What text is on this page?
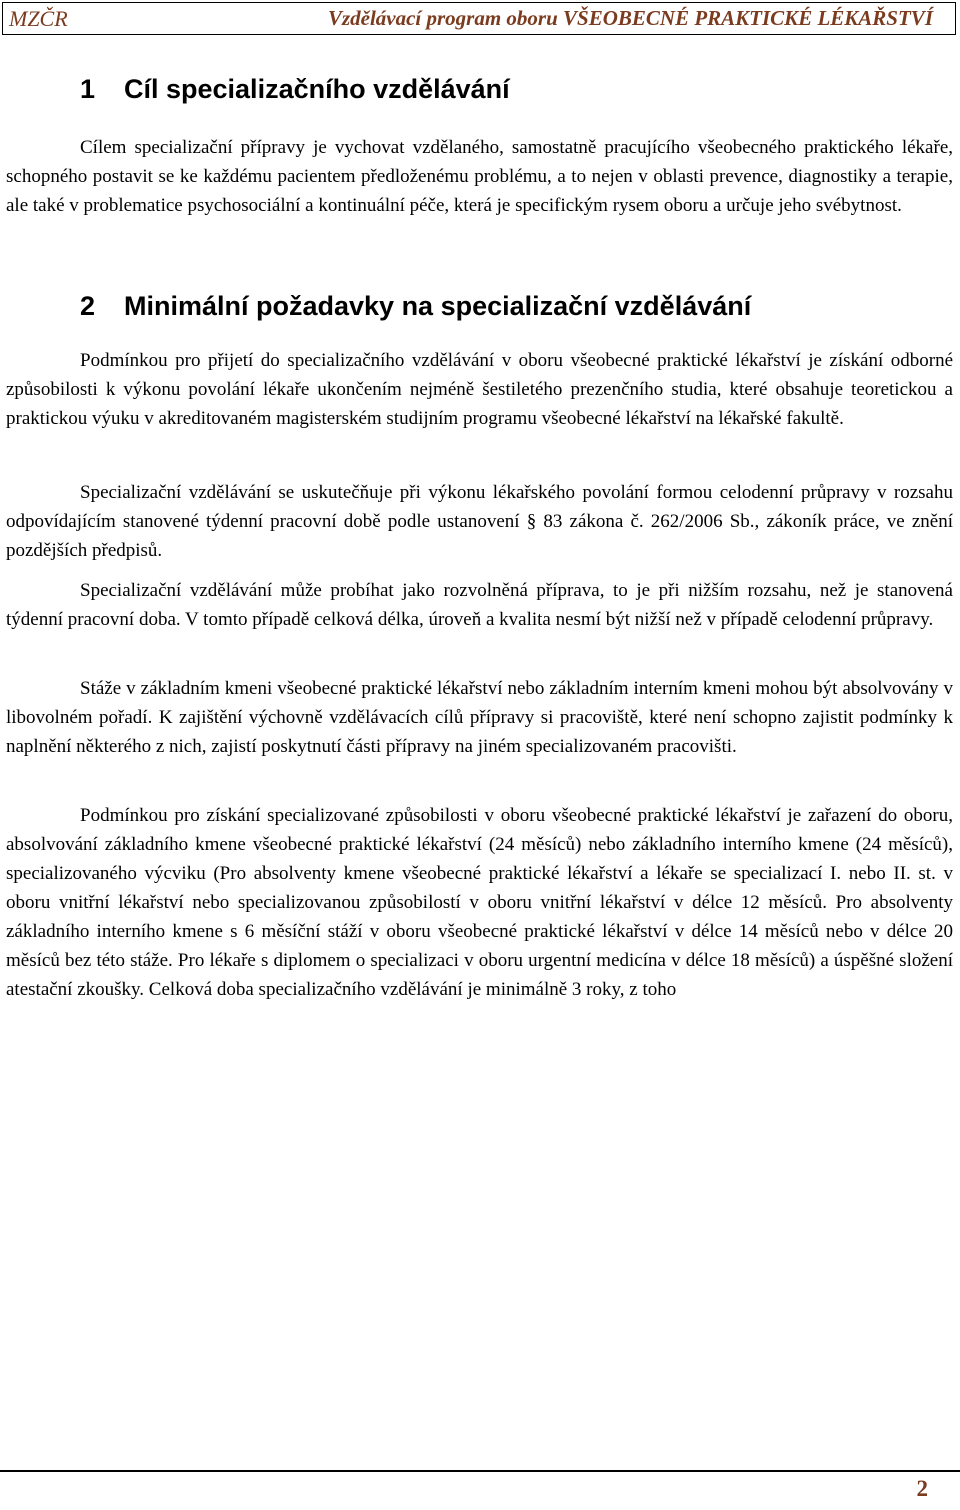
MZČR	Vzdělávací program oboru VŠEOBECNÉ PRAKTICKÉ LÉKAŘSTVÍ
1 Cíl specializačního vzdělávání

Cílem specializační přípravy je vychovat vzdělaného, samostatně pracujícího všeobecného praktického lékaře, schopného postavit se ke každému pacientem předloženému problému, a to nejen v oblasti prevence, diagnostiky a terapie, ale také v problematice psychosociální a kontinuální péče, která je specifickým rysem oboru a určuje jeho svébytnost.

2 Minimální požadavky na specializační vzdělávání

Podmínkou pro přijetí do specializačního vzdělávání v oboru všeobecné praktické lékařství je získání odborné způsobilosti k výkonu povolání lékaře ukončením nejméně šestiletého prezenčního studia, které obsahuje teoretickou a praktickou výuku v akreditovaném magisterském studijním programu všeobecné lékařství na lékařské fakultě.

Specializační vzdělávání se uskutečňuje při výkonu lékařského povolání formou celodenní průpravy v rozsahu odpovídajícím stanovené týdenní pracovní době podle ustanovení § 83 zákona č. 262/2006 Sb., zákoník práce, ve znění pozdějších předpisů.

Specializační vzdělávání může probíhat jako rozvolněná příprava, to je při nižším rozsahu, než je stanovená týdenní pracovní doba. V tomto případě celková délka, úroveň a kvalita nesmí být nižší než v případě celodenní průpravy.

Stáže v základním kmeni všeobecné praktické lékařství nebo základním interním kmeni mohou být absolvovány v libovolném pořadí. K zajištění výchovně vzdělávacích cílů přípravy si pracoviště, které není schopno zajistit podmínky k naplnění některého z nich, zajistí poskytnutí části přípravy na jiném specializovaném pracovišti.

Podmínkou pro získání specializované způsobilosti v oboru všeobecné praktické lékařství je zařazení do oboru, absolvování základního kmene všeobecné praktické lékařství (24 měsíců) nebo základního interního kmene (24 měsíců), specializovaného výcviku (Pro absolventy kmene všeobecné praktické lékařství a lékaře se specializací I. nebo II. st. v oboru vnitřní lékařství nebo specializovanou způsobilostí v oboru vnitřní lékařství v délce 12 měsíců. Pro absolventy základního interního kmene s 6 měsíční stáží v oboru všeobecné praktické lékařství v délce 14 měsíců nebo v délce 20 měsíců bez této stáže. Pro lékaře s diplomem o specializaci v oboru urgentní medicína v délce 18 měsíců) a úspěšné složení atestační zkoušky. Celková doba specializačního vzdělávání je minimálně 3 roky, z toho

2
